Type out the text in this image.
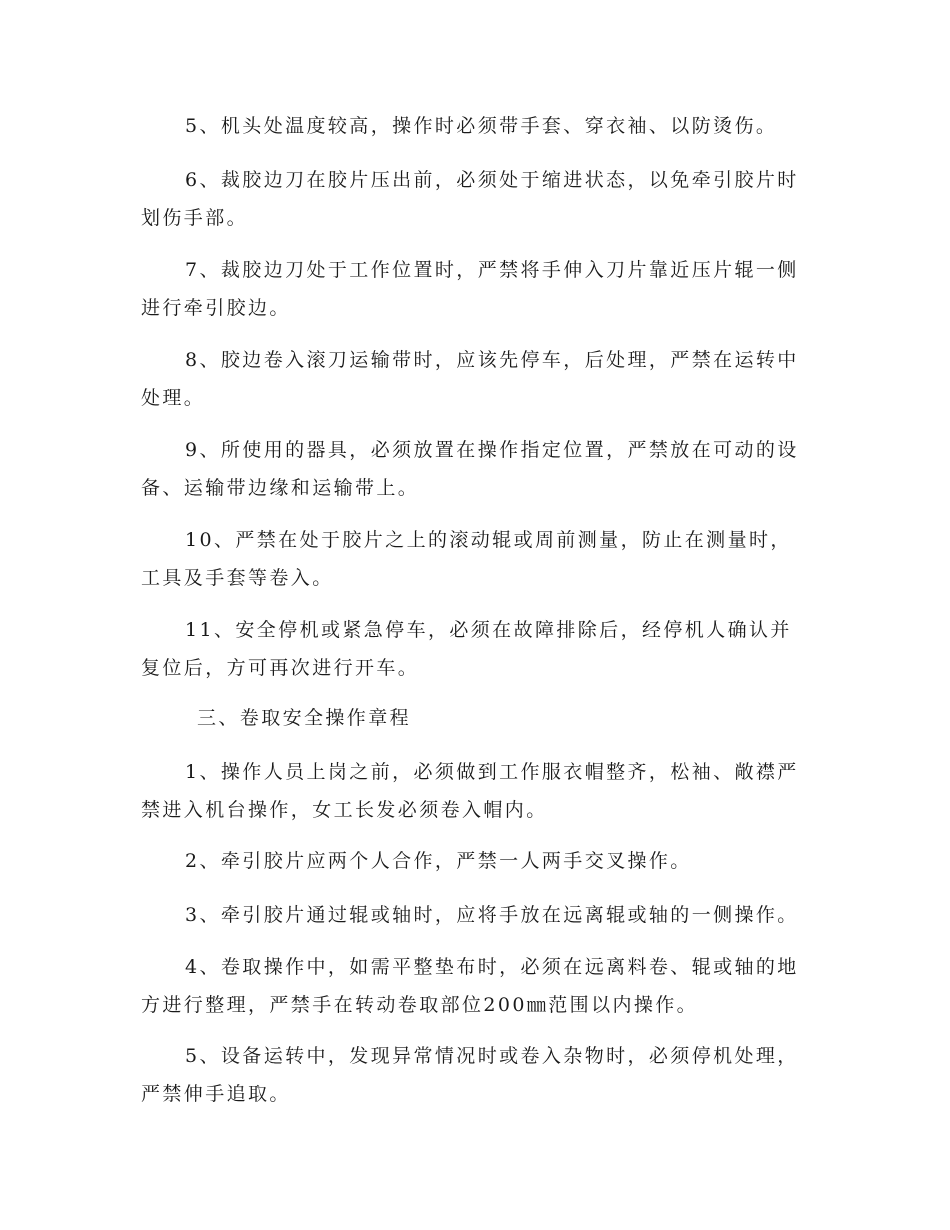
5、机头处温度较高，操作时必须带手套、穿衣袖、以防烫伤。

6、裁胶边刀在胶片压出前，必须处于缩进状态，以免牵引胶片时划伤手部。

7、裁胶边刀处于工作位置时，严禁将手伸入刀片靠近压片辊一侧进行牵引胶边。

8、胶边卷入滚刀运输带时，应该先停车，后处理，严禁在运转中处理。

9、所使用的器具，必须放置在操作指定位置，严禁放在可动的设备、运输带边缘和运输带上。

10、严禁在处于胶片之上的滚动辊或周前测量，防止在测量时，工具及手套等卷入。

11、安全停机或紧急停车，必须在故障排除后，经停机人确认并复位后，方可再次进行开车。

三、卷取安全操作章程

1、操作人员上岗之前，必须做到工作服衣帽整齐，松袖、敞襟严禁进入机台操作，女工长发必须卷入帽内。

2、牵引胶片应两个人合作，严禁一人两手交叉操作。

3、牵引胶片通过辊或轴时，应将手放在远离辊或轴的一侧操作。

4、卷取操作中，如需平整垫布时，必须在远离料卷、辊或轴的地方进行整理，严禁手在转动卷取部位200㎜范围以内操作。

5、设备运转中，发现异常情况时或卷入杂物时，必须停机处理，严禁伸手追取。
